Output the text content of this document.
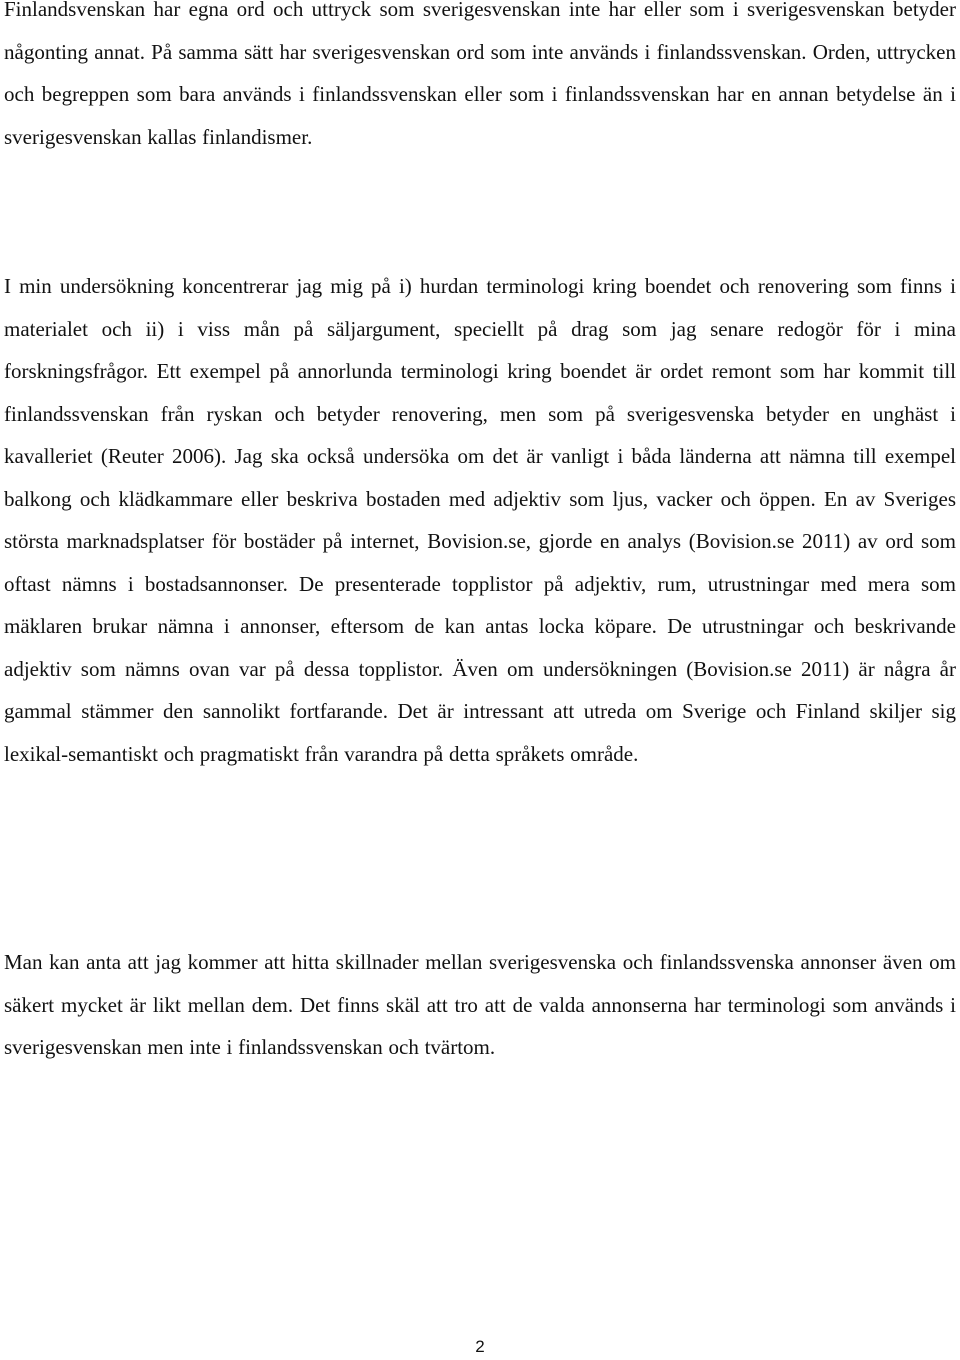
Finlandsvenskan har egna ord och uttryck som sverigesvenskan inte har eller som i sverigesvenskan betyder någonting annat. På samma sätt har sverigesvenskan ord som inte används i finlandssvenskan. Orden, uttrycken och begreppen som bara används i finlandssvenskan eller som i finlandssvenskan har en annan betydelse än i sverigesvenskan kallas finlandismer.

I min undersökning koncentrerar jag mig på i) hurdan terminologi kring boendet och renovering som finns i materialet och ii) i viss mån på säljargument, speciellt på drag som jag senare redogör för i mina forskningsfrågor. Ett exempel på annorlunda terminologi kring boendet är ordet remont som har kommit till finlandssvenskan från ryskan och betyder renovering, men som på sverigesvenska betyder en unghäst i kavalleriet (Reuter 2006). Jag ska också undersöka om det är vanligt i båda länderna att nämna till exempel balkong och klädkammare eller beskriva bostaden med adjektiv som ljus, vacker och öppen. En av Sveriges största marknadsplatser för bostäder på internet, Bovision.se, gjorde en analys (Bovision.se 2011) av ord som oftast nämns i bostadsannonser. De presenterade topplistor på adjektiv, rum, utrustningar med mera som mäklaren brukar nämna i annonser, eftersom de kan antas locka köpare. De utrustningar och beskrivande adjektiv som nämns ovan var på dessa topplistor. Även om undersökningen (Bovision.se 2011) är några år gammal stämmer den sannolikt fortfarande. Det är intressant att utreda om Sverige och Finland skiljer sig lexikal-semantiskt och pragmatiskt från varandra på detta språkets område.

Man kan anta att jag kommer att hitta skillnader mellan sverigesvenska och finlandssvenska annonser även om säkert mycket är likt mellan dem. Det finns skäl att tro att de valda annonserna har terminologi som används i sverigesvenskan men inte i finlandssvenskan och tvärtom.

2
